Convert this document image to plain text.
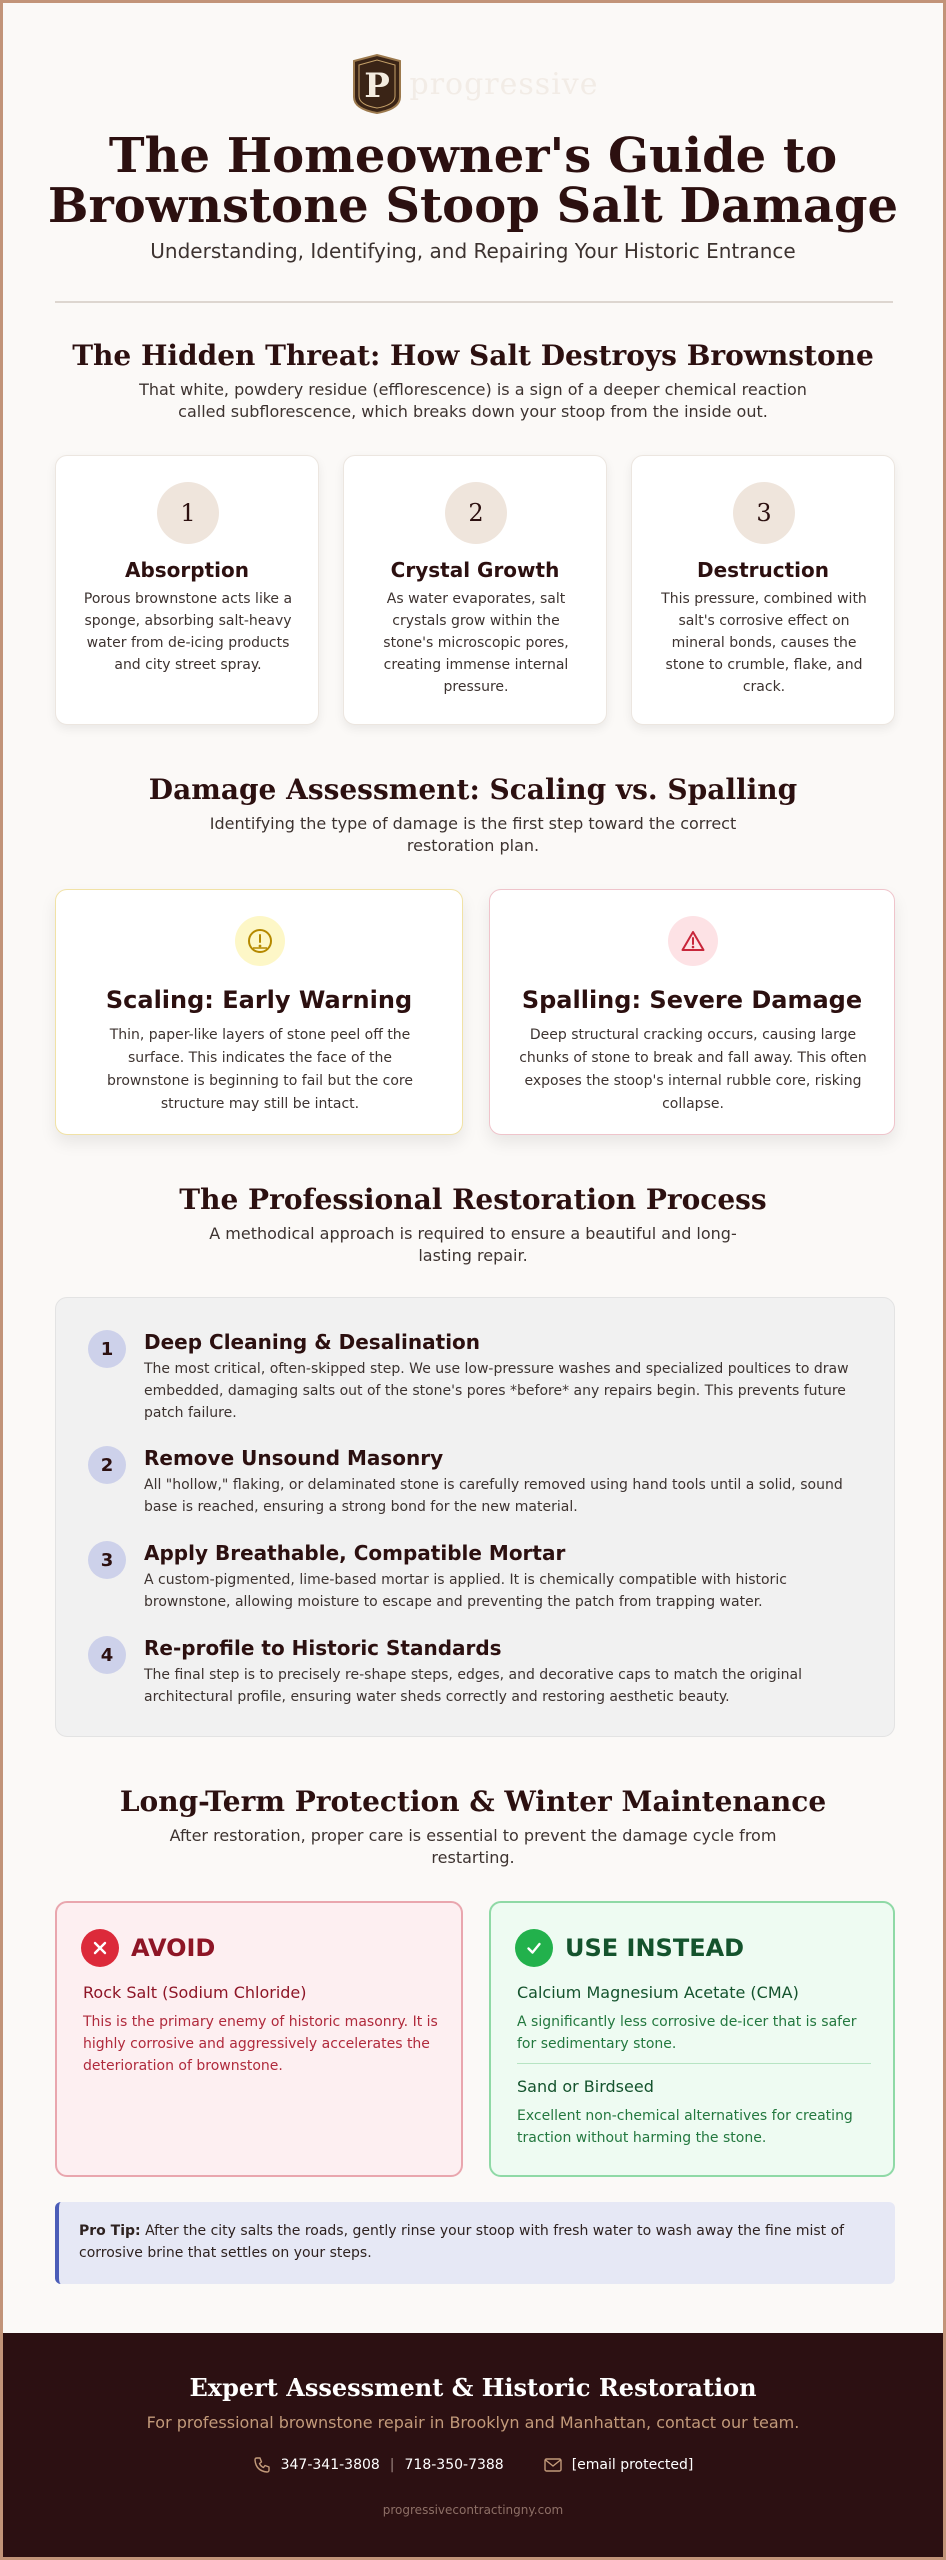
P progressive
The Homeowner's Guide to
Brownstone Stoop Salt Damage
Understanding, Identifying, and Repairing Your Historic Entrance
The Hidden Threat: How Salt Destroys Brownstone
That white, powdery residue (efflorescence) is a sign of a deeper chemical reaction called subflorescence, which breaks down your stoop from the inside out.
1
Absorption
Porous brownstone acts like a sponge, absorbing salt-heavy water from de-icing products and city street spray.
2
Crystal Growth
As water evaporates, salt crystals grow within the stone's microscopic pores, creating immense internal pressure.
3
Destruction
This pressure, combined with salt's corrosive effect on mineral bonds, causes the stone to crumble, flake, and crack.
Damage Assessment: Scaling vs. Spalling
Identifying the type of damage is the first step toward the correct restoration plan.
Scaling: Early Warning
Thin, paper-like layers of stone peel off the surface. This indicates the face of the brownstone is beginning to fail but the core structure may still be intact.
Spalling: Severe Damage
Deep structural cracking occurs, causing large chunks of stone to break and fall away. This often exposes the stoop's internal rubble core, risking collapse.
The Professional Restoration Process
A methodical approach is required to ensure a beautiful and long-lasting repair.
1	Deep Cleaning & Desalination
The most critical, often-skipped step. We use low-pressure washes and specialized poultices to draw embedded, damaging salts out of the stone's pores *before* any repairs begin. This prevents future patch failure.
2	Remove Unsound Masonry
All "hollow," flaking, or delaminated stone is carefully removed using hand tools until a solid, sound base is reached, ensuring a strong bond for the new material.
3	Apply Breathable, Compatible Mortar
A custom-pigmented, lime-based mortar is applied. It is chemically compatible with historic brownstone, allowing moisture to escape and preventing the patch from trapping water.
4	Re-profile to Historic Standards
The final step is to precisely re-shape steps, edges, and decorative caps to match the original architectural profile, ensuring water sheds correctly and restoring aesthetic beauty.
Long-Term Protection & Winter Maintenance
After restoration, proper care is essential to prevent the damage cycle from restarting.
AVOID
Rock Salt (Sodium Chloride)
This is the primary enemy of historic masonry. It is highly corrosive and aggressively accelerates the deterioration of brownstone.
USE INSTEAD
Calcium Magnesium Acetate (CMA)
A significantly less corrosive de-icer that is safer for sedimentary stone.
Sand or Birdseed
Excellent non-chemical alternatives for creating traction without harming the stone.
Pro Tip: After the city salts the roads, gently rinse your stoop with fresh water to wash away the fine mist of corrosive brine that settles on your steps.
Expert Assessment & Historic Restoration
For professional brownstone repair in Brooklyn and Manhattan, contact our team.
347-341-3808 | 718-350-7388	[email protected]
progressivecontractingny.com
